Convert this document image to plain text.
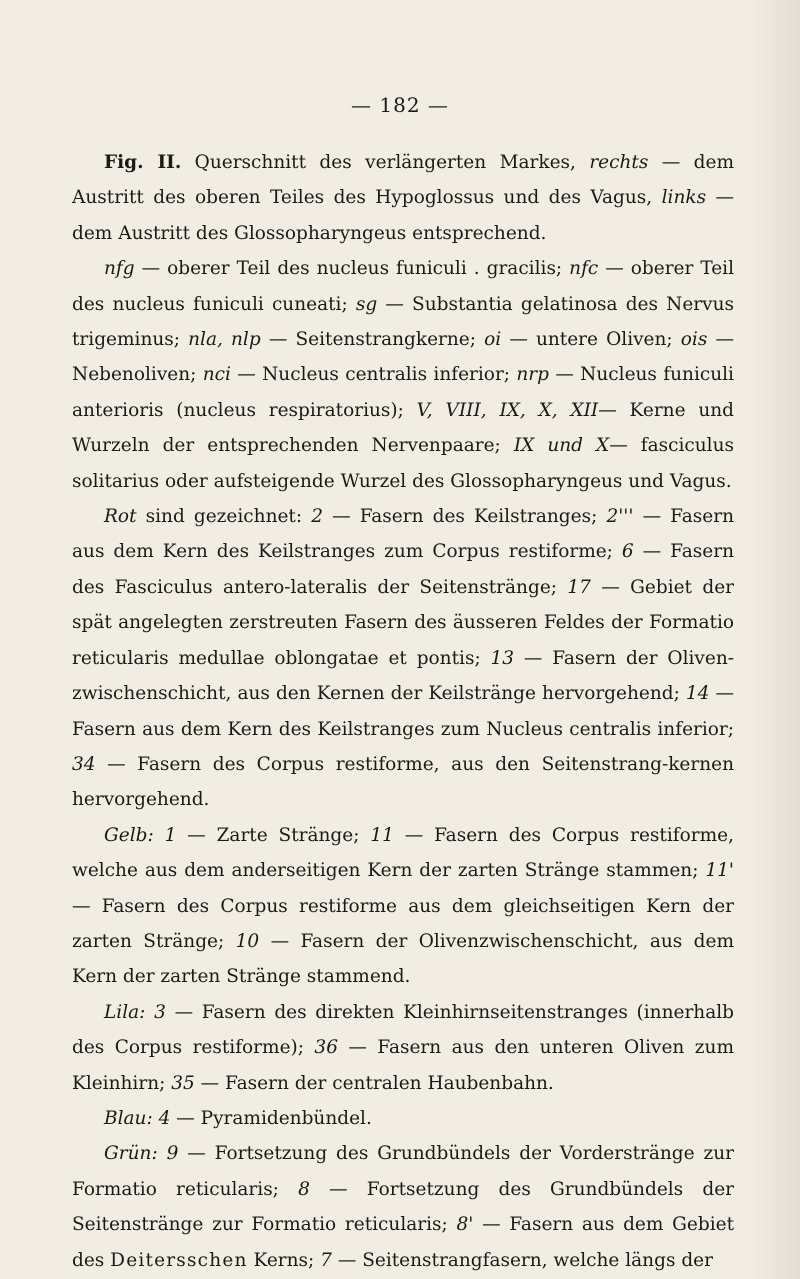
— 182 —

Fig. II. Querschnitt des verlängerten Markes, rechts — dem Austritt des oberen Teiles des Hypoglossus und des Vagus, links — dem Austritt des Glossopharyngeus entsprechend.

nfg — oberer Teil des nucleus funiculi . gracilis; nfc — oberer Teil des nucleus funiculi cuneati; sg — Substantia gelatinosa des Nervus trigeminus; nla, nlp — Seitenstrangkerne; oi — untere Oliven; ois — Nebenoliven; nci — Nucleus centralis inferior; nrp — Nucleus funiculi anterioris (nucleus respiratorius); V, VIII, IX, X, XII— Kerne und Wurzeln der entsprechenden Nervenpaare; IX und X— fasciculus solitarius oder aufsteigende Wurzel des Glossopharyngeus und Vagus.

Rot sind gezeichnet: 2 — Fasern des Keilstranges; 2''' — Fasern aus dem Kern des Keilstranges zum Corpus restiforme; 6 — Fasern des Fasciculus antero-lateralis der Seitenstränge; 17 — Gebiet der spät angelegten zerstreuten Fasern des äusseren Feldes der Formatio reticularis medullae oblongatae et pontis; 13 — Fasern der Oliven-zwischenschicht, aus den Kernen der Keilstränge hervorgehend; 14 — Fasern aus dem Kern des Keilstranges zum Nucleus centralis inferior; 34 — Fasern des Corpus restiforme, aus den Seitenstrang-kernen hervorgehend.

Gelb: 1 — Zarte Stränge; 11 — Fasern des Corpus restiforme, welche aus dem anderseitigen Kern der zarten Stränge stammen; 11' — Fasern des Corpus restiforme aus dem gleichseitigen Kern der zarten Stränge; 10 — Fasern der Olivenzwischenschicht, aus dem Kern der zarten Stränge stammend.

Lila: 3 — Fasern des direkten Kleinhirnseitenstranges (innerhalb des Corpus restiforme); 36 — Fasern aus den unteren Oliven zum Kleinhirn; 35 — Fasern der centralen Haubenbahn.

Blau: 4 — Pyramidenbündel.

Grün: 9 — Fortsetzung des Grundbündels der Vorderstränge zur Formatio reticularis; 8 — Fortsetzung des Grundbündels der Seitenstränge zur Formatio reticularis; 8' — Fasern aus dem Gebiet des Deitersschen Kerns; 7 — Seitenstrangfasern, welche längs der
